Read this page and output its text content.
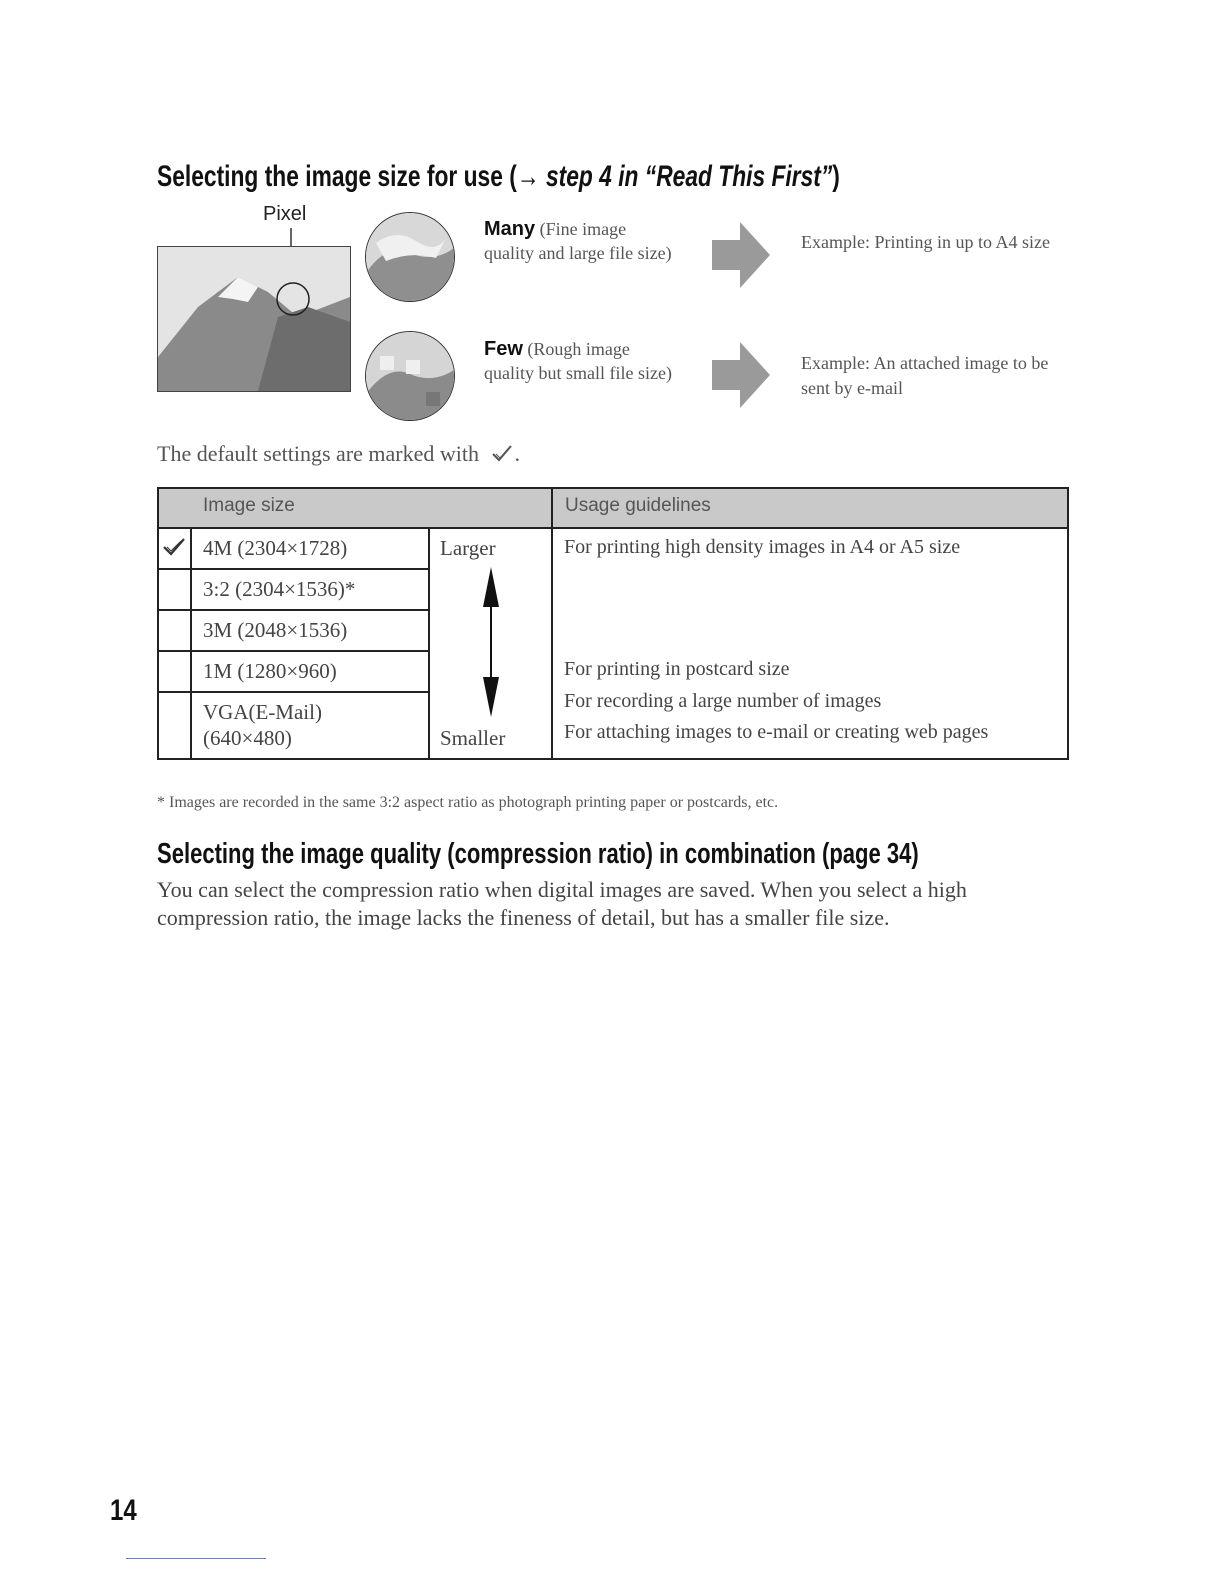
Selecting the image size for use (→ step 4 in “Read This First”)
Pixel
Many (Fine image quality and large file size)
Few (Rough image quality but small file size)
Example: Printing in up to A4 size
Example: An attached image to be sent by e-mail
The default settings are marked with .
Image size	Usage guidelines
4M (2304×1728)
3:2 (2304×1536)*
3M (2048×1536)
1M (1280×960)
VGA(E-Mail)
(640×480)
Larger
Smaller
For printing high density images in A4 or A5 size
For printing in postcard size
For recording a large number of images
For attaching images to e-mail or creating web pages
* Images are recorded in the same 3:2 aspect ratio as photograph printing paper or postcards, etc.
Selecting the image quality (compression ratio) in combination (page 34)
You can select the compression ratio when digital images are saved. When you select a high compression ratio, the image lacks the fineness of detail, but has a smaller file size.
14
